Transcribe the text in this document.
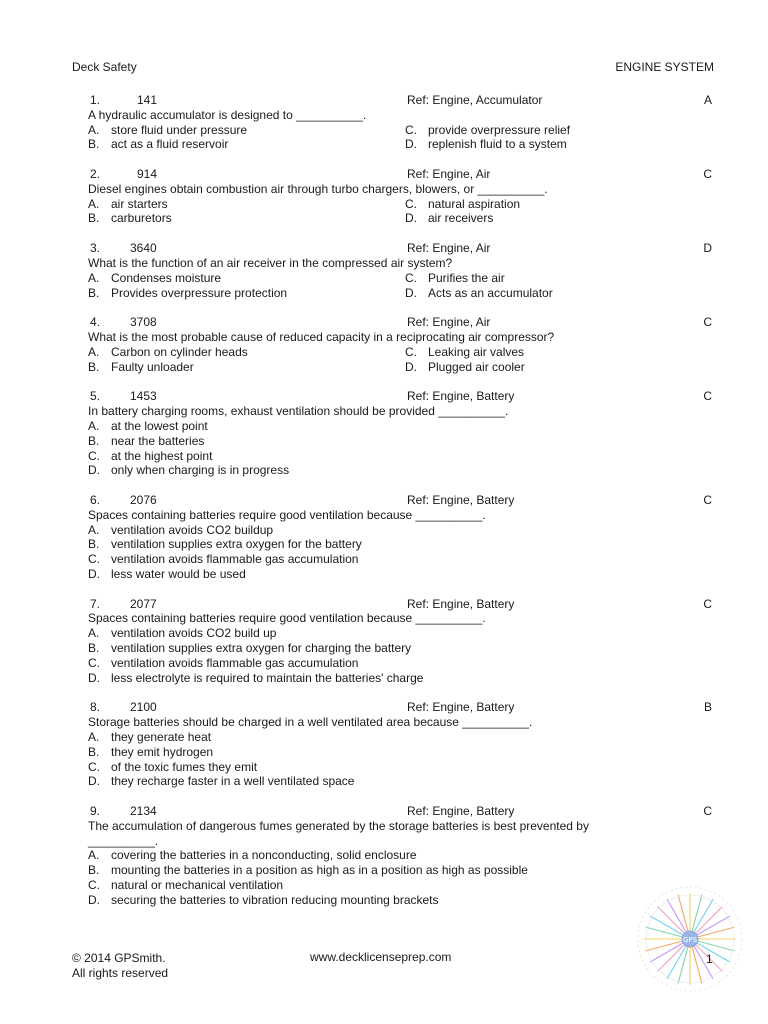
Deck Safety	ENGINE SYSTEM
1.	141	Ref: Engine, Accumulator	A
A hydraulic accumulator is designed to __________.
A. store fluid under pressure
B. act as a fluid reservoir
C. provide overpressure relief
D. replenish fluid to a system
2.	914	Ref: Engine, Air	C
Diesel engines obtain combustion air through turbo chargers, blowers, or __________.
A. air starters
B. carburetors
C. natural aspiration
D. air receivers
3. 3640	Ref: Engine, Air	D
What is the function of an air receiver in the compressed air system?
A. Condenses moisture
B. Provides overpressure protection
C. Purifies the air
D. Acts as an accumulator
4. 3708	Ref: Engine, Air	C
What is the most probable cause of reduced capacity in a reciprocating air compressor?
A. Carbon on cylinder heads
B. Faulty unloader
C. Leaking air valves
D. Plugged air cooler
5. 1453	Ref: Engine, Battery	C
In battery charging rooms, exhaust ventilation should be provided __________.
A. at the lowest point
B. near the batteries
C. at the highest point
D. only when charging is in progress
6. 2076	Ref: Engine, Battery	C
Spaces containing batteries require good ventilation because __________.
A. ventilation avoids CO2 buildup
B. ventilation supplies extra oxygen for the battery
C. ventilation avoids flammable gas accumulation
D. less water would be used
7. 2077	Ref: Engine, Battery	C
Spaces containing batteries require good ventilation because __________.
A. ventilation avoids CO2 build up
B. ventilation supplies extra oxygen for charging the battery
C. ventilation avoids flammable gas accumulation
D. less electrolyte is required to maintain the batteries' charge
8. 2100	Ref: Engine, Battery	B
Storage batteries should be charged in a well ventilated area because __________.
A. they generate heat
B. they emit hydrogen
C. of the toxic fumes they emit
D. they recharge faster in a well ventilated space
9. 2134	Ref: Engine, Battery	C
The accumulation of dangerous fumes generated by the storage batteries is best prevented by __________.
A. covering the batteries in a nonconducting, solid enclosure
B. mounting the batteries in a position as high as in a position as high as possible
C. natural or mechanical ventilation
D. securing the batteries to vibration reducing mounting brackets
GPS
© 2014 GPSmith.
All rights reserved
www.decklicenseprep.com	1
